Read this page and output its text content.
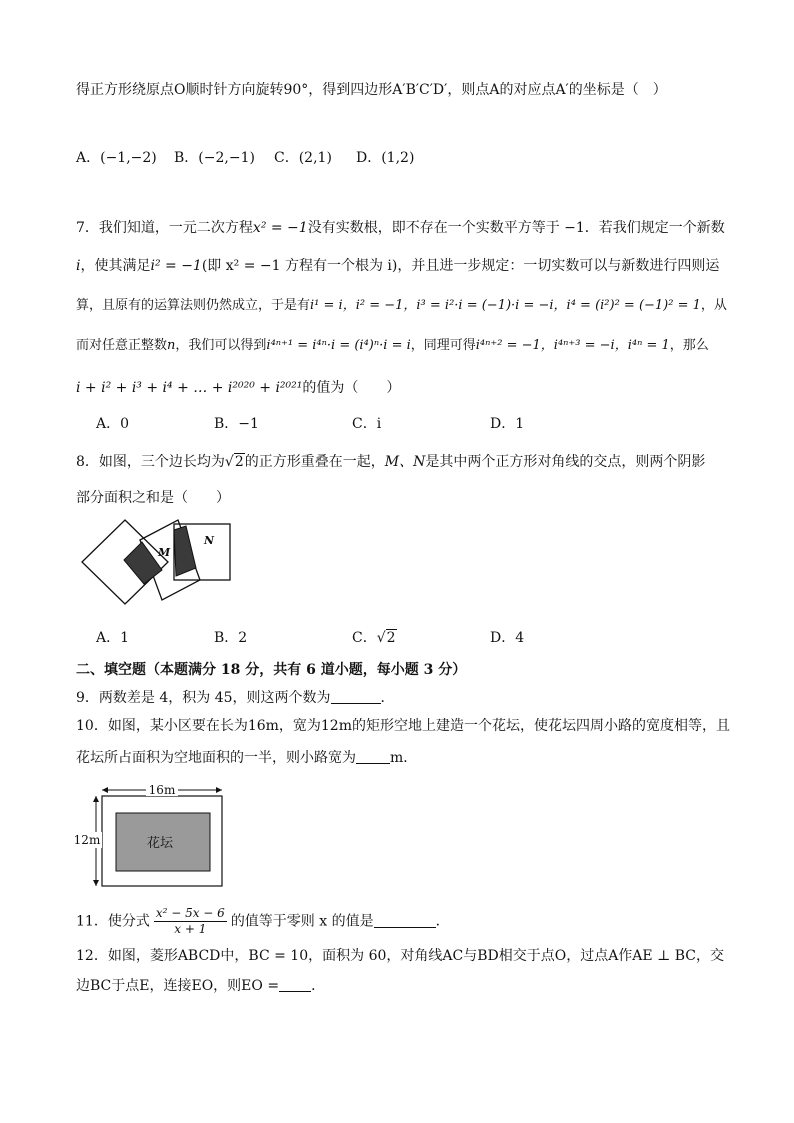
得正方形绕原点O顺时针方向旋转90°，得到四边形A′B′C′D′，则点A的对应点A′的坐标是（　）
A．(−1,−2) B．(−2,−1) C．(2,1) D．(1,2)
7．我们知道，一元二次方程x² = −1没有实数根，即不存在一个实数平方等于 −1．若我们规定一个新数
i，使其满足i² = −1(即 x² = −1 方程有一个根为 i)，并且进一步规定：一切实数可以与新数进行四则运
算，且原有的运算法则仍然成立，于是有i¹ = i，i² = −1，i³ = i²·i = (−1)·i = −i，i⁴ = (i²)² = (−1)² = 1，从
而对任意正整数n，我们可以得到i⁴ⁿ⁺¹ = i⁴ⁿ·i = (i⁴)ⁿ·i = i，同理可得i⁴ⁿ⁺² = −1，i⁴ⁿ⁺³ = −i，i⁴ⁿ = 1，那么
i + i² + i³ + i⁴ + … + i²⁰²⁰ + i²⁰²¹的值为（　　）
A．0	B．−1	C．i	D．1
8．如图，三个边长均为√2的正方形重叠在一起，M、N是其中两个正方形对角线的交点，则两个阴影
部分面积之和是（　　）
M
N
A．1	B．2	C．√2	D．4
二、填空题（本题满分 18 分，共有 6 道小题，每小题 3 分）
9．两数差是 4，积为 45，则这两个数为	．
10．如图，某小区要在长为16m，宽为12m的矩形空地上建造一个花坛，使花坛四周小路的宽度相等，且
花坛所占面积为空地面积的一半，则小路宽为 m．
16m
12m	花坛
11．使分式 $\frac{\text{x² − 5x − 6}}{x + 1}$ 的值等于零则 x 的值是	．
12．如图，菱形ABCD中，BC = 10，面积为 60，对角线AC与BD相交于点O，过点A作AE ⊥ BC，交
边BC于点E，连接EO，则EO = ．
